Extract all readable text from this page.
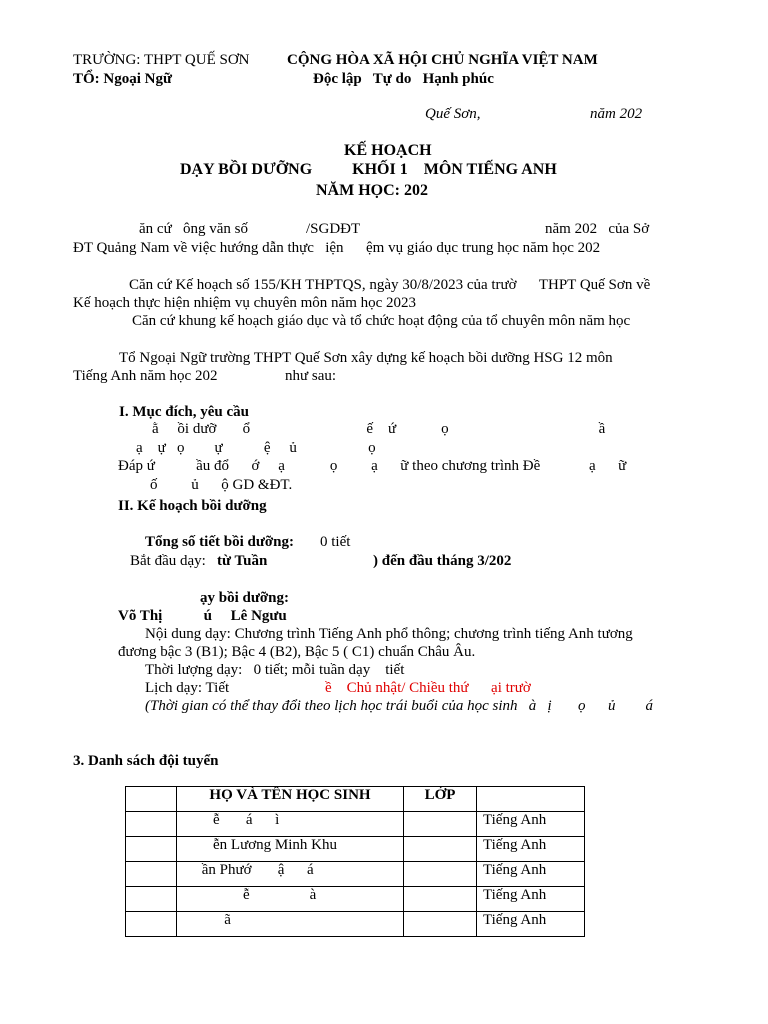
TRƯỜNG: THPT QUẾ SƠN
TỔ: Ngoại Ngữ
CỘNG HÒA XÃ HỘI CHỦ NGHĨA VIỆT NAM
Độc lập   Tự do   Hạnh phúc
Quế Sơn,	năm 202
KẾ HOẠCH
DẠY BỒI DƯỠNG          KHỐI 1    MÔN TIẾNG ANH
NĂM HỌC: 202
ăn cứ   ông văn số	/SGDĐT	năm 202   của Sở
ĐT Quảng Nam về việc hướng dẫn thực   iện      ệm vụ giáo dục trung học năm học 202
Căn cứ Kế hoạch số 155/KH THPTQS, ngày 30/8/2023 của trườ      THPT Quế Sơn về
Kế hoạch thực hiện nhiệm vụ chuyên môn năm học 2023
Căn cứ khung kế hoạch giáo dục và tổ chức hoạt động của tổ chuyên môn năm học
Tổ Ngoại Ngữ trường THPT Quế Sơn xây dựng kế hoạch bồi dưỡng HSG 12 môn
Tiếng Anh năm học 202	như sau:
I. Mục đích, yêu cầu
ằ     ồi dưỡ       ổ                               ế    ứ            ọ                                        ầ
ạ    ự   ọ        ự           ệ     ủ                   ọ
Đáp ứ           ầu đổ      ớ     ạ            ọ         ạ      ữ theo chương trình Đề             ạ      ữ
ố         ủ      ộ GD &ĐT.
II. Kế hoạch bồi dưỡng
Tổng số tiết bồi dưỡng: 0 tiết
Bắt đầu dạy: từ Tuần	) đến đầu tháng 3/202
ạy bồi dưỡng:
Võ Thị           ú     Lê Ngưu
Nội dung dạy: Chương trình Tiếng Anh phổ thông; chương trình tiếng Anh tương
đương bậc 3 (B1); Bậc 4 (B2), Bậc 5 ( C1) chuẩn Châu Âu.
Thời lượng dạy:   0 tiết; mỗi tuần dạy    tiết
Lịch dạy: Tiết	ề    Chủ nhật/ Chiều thứ      ại trườ
(Thời gian có thể thay đổi theo lịch học trái buổi của học sinh   à   ị       ọ      ủ        á
3. Danh sách đội tuyển
	HỌ VÀ TÊN HỌC SINH	LỚP	
	ễ       á      ì		Tiếng Anh
	ễn Lương Minh Khu		Tiếng Anh
	ần Phướ       ậ      á		Tiếng Anh
	ễ                à		Tiếng Anh
	ã		Tiếng Anh
